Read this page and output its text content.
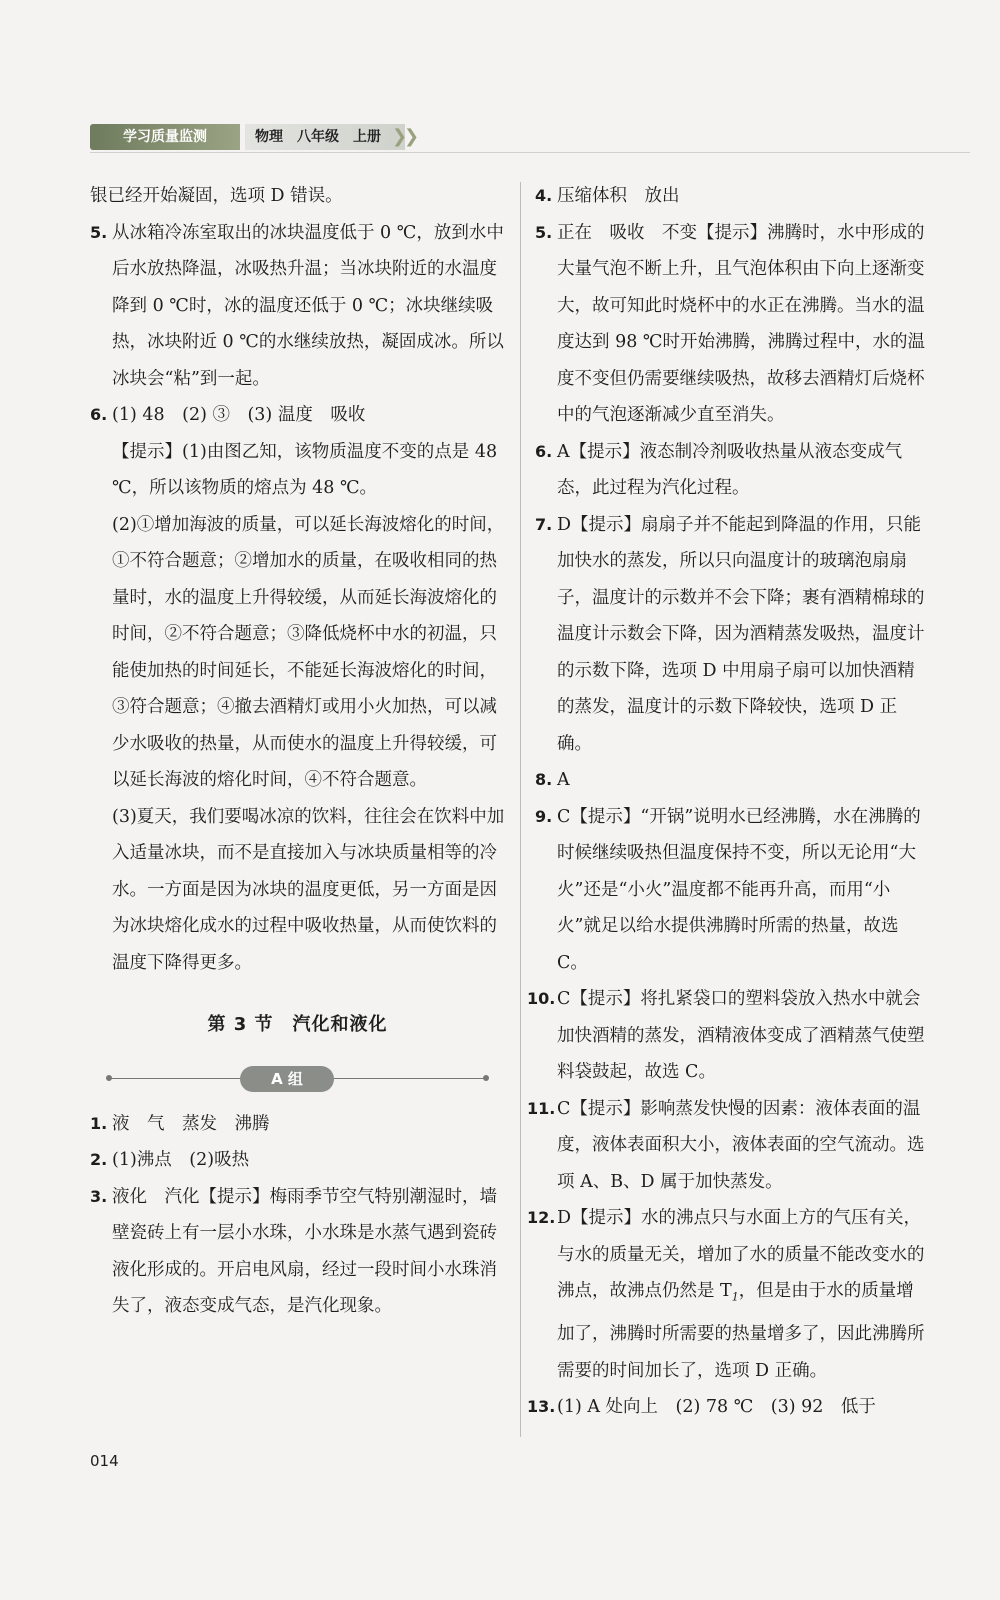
学习质量监测	物理　八年级　上册 ❯
❯

银已经开始凝固，选项 D 错误。

5. 从冰箱冷冻室取出的冰块温度低于 0 ℃，放到水中后水放热降温，冰吸热升温；当冰块附近的水温度降到 0 ℃时，冰的温度还低于 0 ℃；冰块继续吸热，冰块附近 0 ℃的水继续放热，凝固成冰。所以冰块会“粘”到一起。
6. (1) 48　(2) ③　(3) 温度　吸收
【提示】(1)由图乙知，该物质温度不变的点是 48 ℃，所以该物质的熔点为 48 ℃。
(2)①增加海波的质量，可以延长海波熔化的时间，①不符合题意；②增加水的质量，在吸收相同的热量时，水的温度上升得较缓，从而延长海波熔化的时间，②不符合题意；③降低烧杯中水的初温，只能使加热的时间延长，不能延长海波熔化的时间，③符合题意；④撤去酒精灯或用小火加热，可以减少水吸收的热量，从而使水的温度上升得较缓，可以延长海波的熔化时间，④不符合题意。
(3)夏天，我们要喝冰凉的饮料，往往会在饮料中加入适量冰块，而不是直接加入与冰块质量相等的冷水。一方面是因为冰块的温度更低，另一方面是因为冰块熔化成水的过程中吸收热量，从而使饮料的温度下降得更多。
第 3 节　汽化和液化
A 组
1. 液　气　蒸发　沸腾
2. (1)沸点　(2)吸热
3. 液化　汽化【提示】梅雨季节空气特别潮湿时，墙壁瓷砖上有一层小水珠，小水珠是水蒸气遇到瓷砖液化形成的。开启电风扇，经过一段时间小水珠消失了，液态变成气态，是汽化现象。
4. 压缩体积　放出
5. 正在　吸收　不变【提示】沸腾时，水中形成的大量气泡不断上升，且气泡体积由下向上逐渐变大，故可知此时烧杯中的水正在沸腾。当水的温度达到 98 ℃时开始沸腾，沸腾过程中，水的温度不变但仍需要继续吸热，故移去酒精灯后烧杯中的气泡逐渐减少直至消失。
6. A【提示】液态制冷剂吸收热量从液态变成气态，此过程为汽化过程。
7. D【提示】扇扇子并不能起到降温的作用，只能加快水的蒸发，所以只向温度计的玻璃泡扇扇子，温度计的示数并不会下降；裹有酒精棉球的温度计示数会下降，因为酒精蒸发吸热，温度计的示数下降，选项 D 中用扇子扇可以加快酒精的蒸发，温度计的示数下降较快，选项 D 正确。
8. A
9. C【提示】“开锅”说明水已经沸腾，水在沸腾的时候继续吸热但温度保持不变，所以无论用“大火”还是“小火”温度都不能再升高，而用“小火”就足以给水提供沸腾时所需的热量，故选 C。
10. C【提示】将扎紧袋口的塑料袋放入热水中就会加快酒精的蒸发，酒精液体变成了酒精蒸气使塑料袋鼓起，故选 C。
11. C【提示】影响蒸发快慢的因素：液体表面的温度，液体表面积大小，液体表面的空气流动。选项 A、B、D 属于加快蒸发。
12. D【提示】水的沸点只与水面上方的气压有关，与水的质量无关，增加了水的质量不能改变水的沸点，故沸点仍然是 $T_1$，但是由于水的质量增加了，沸腾时所需要的热量增多了，因此沸腾所需要的时间加长了，选项 D 正确。
13. (1) A 处向上　(2) 78 ℃　(3) 92　低于
014
